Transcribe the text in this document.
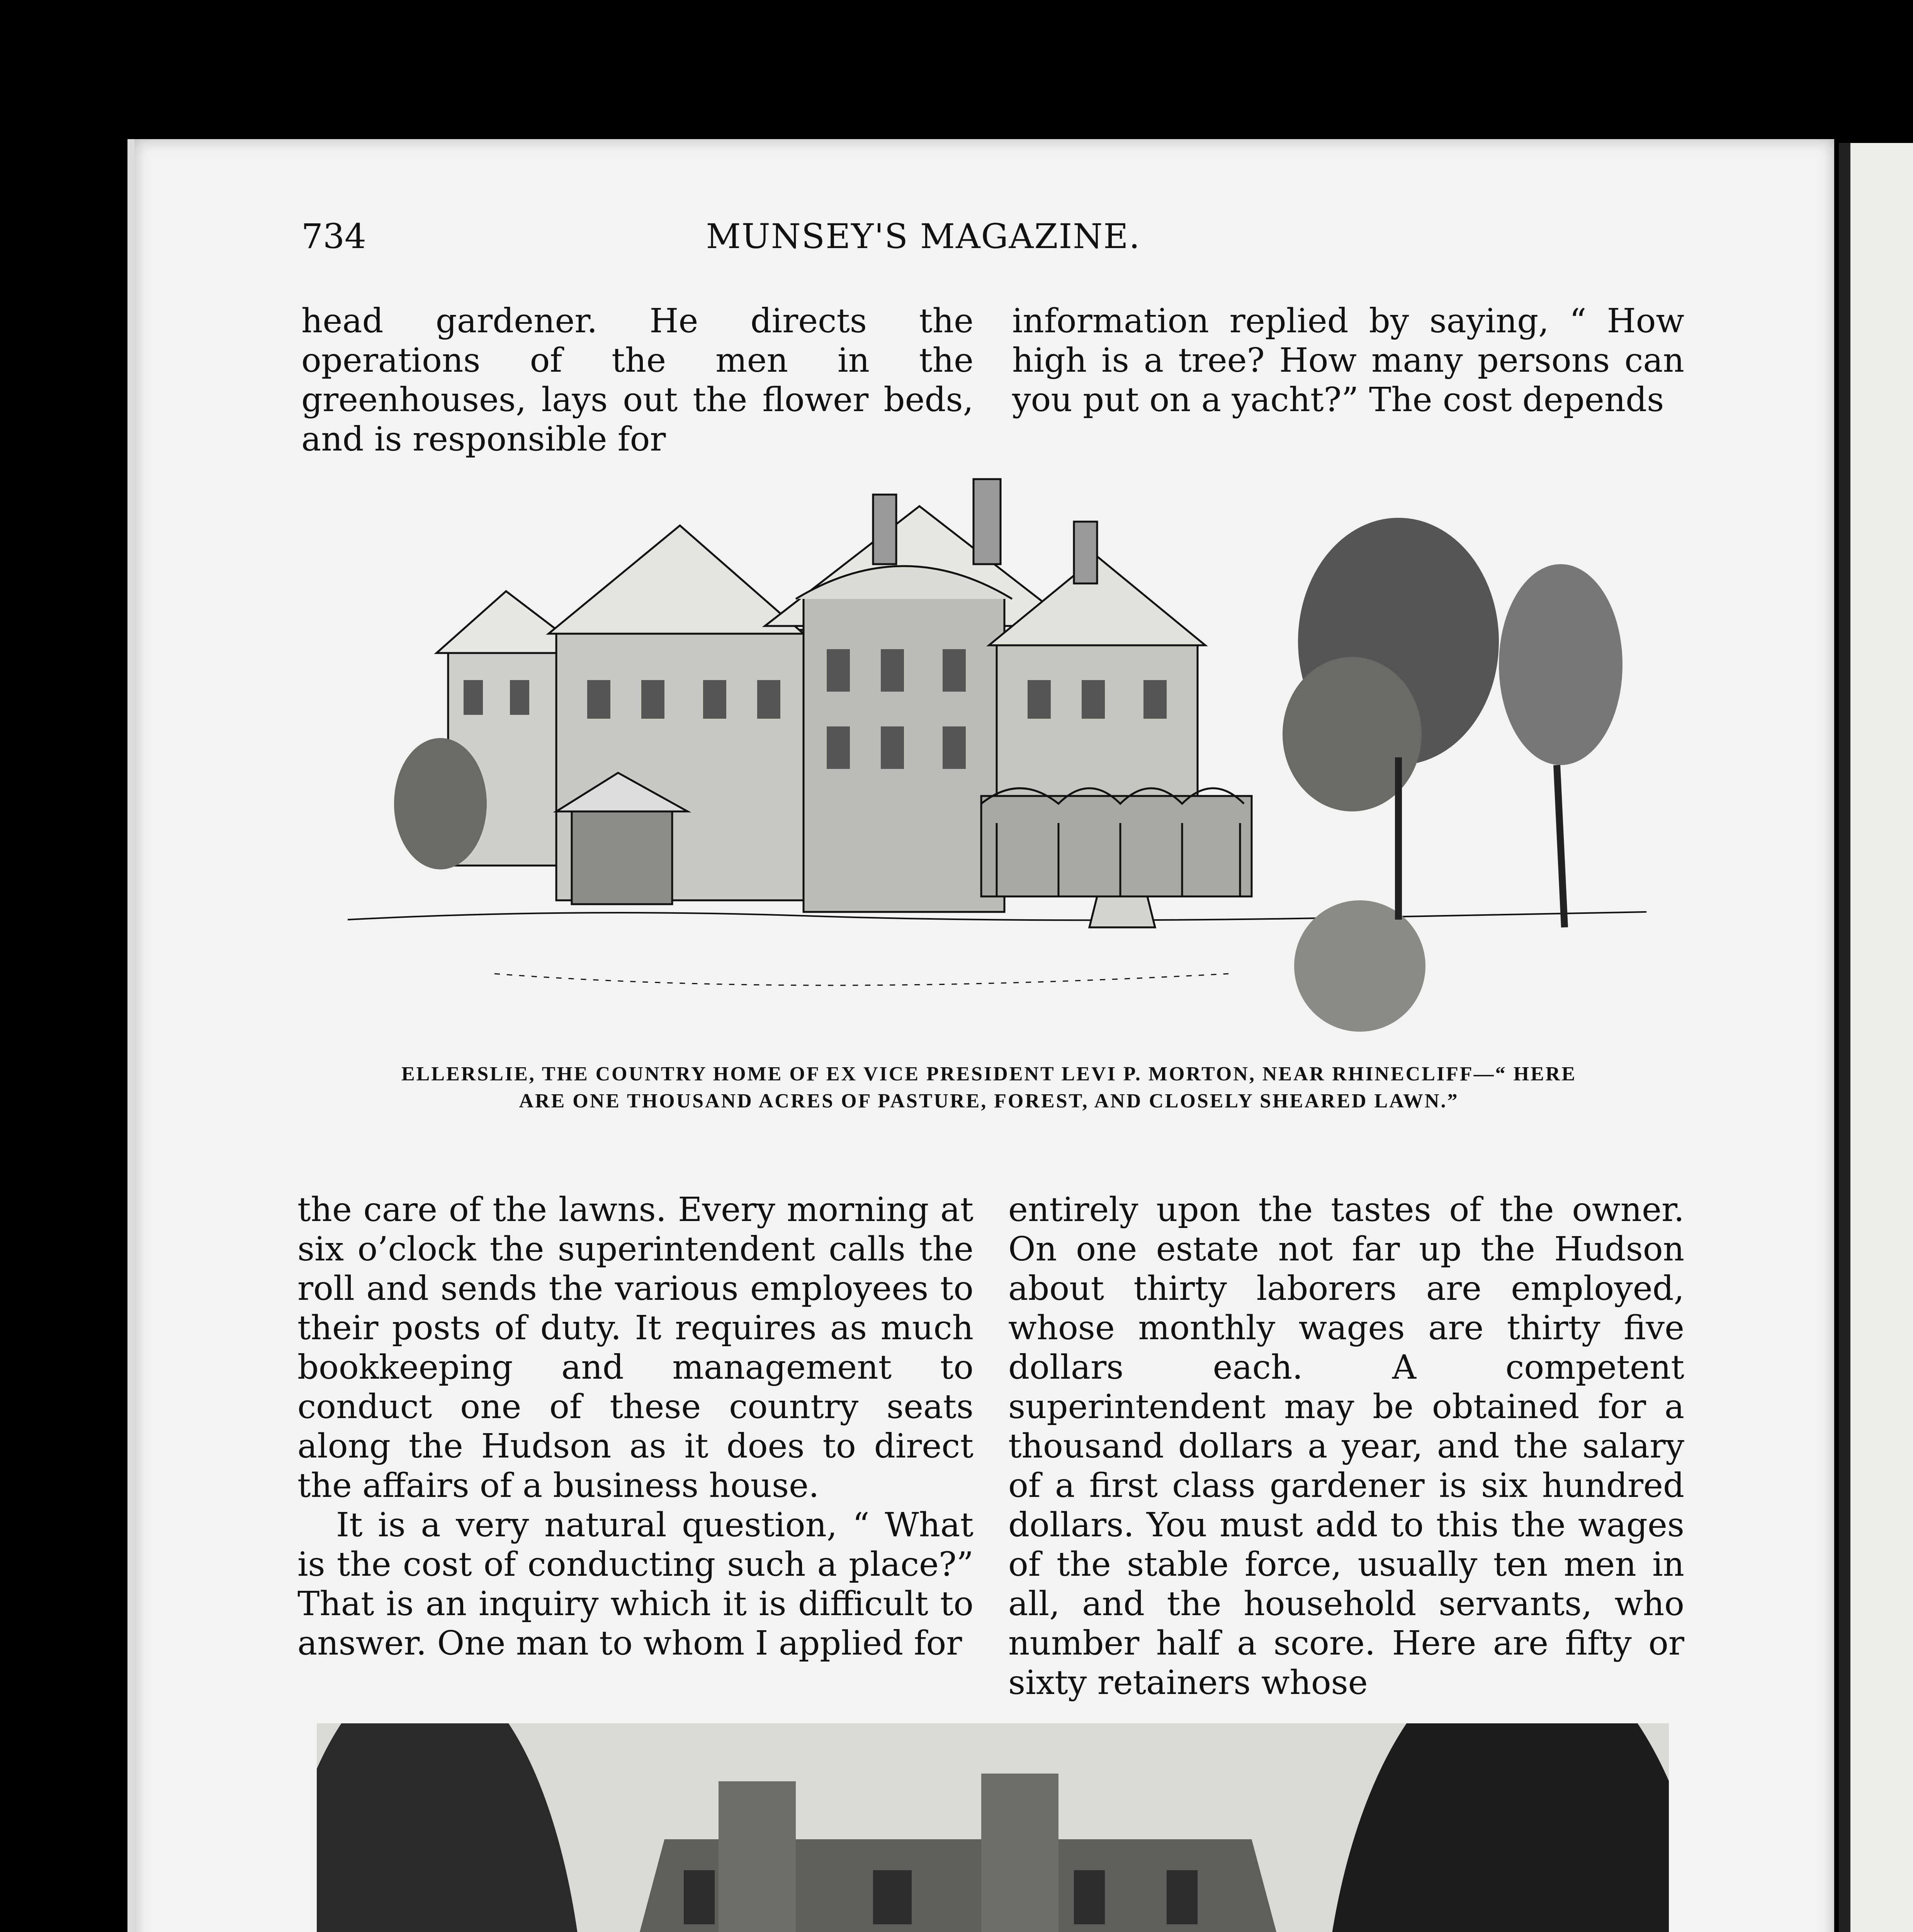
734	MUNSEY'S MAGAZINE.

head gardener. He directs the operations of the men in the greenhouses, lays out the flower beds, and is responsible for

information replied by saying, “ How high is a tree? How many persons can you put on a yacht?” The cost depends

ELLERSLIE, THE COUNTRY HOME OF EX VICE PRESIDENT LEVI P. MORTON, NEAR RHINECLIFF—“ HERE
ARE ONE THOUSAND ACRES OF PASTURE, FOREST, AND CLOSELY SHEARED LAWN.”

the care of the lawns. Every morning at six o’clock the superintendent calls the roll and sends the various employees to their posts of duty. It requires as much bookkeeping and management to conduct one of these country seats along the Hudson as it does to direct the affairs of a business house.

It is a very natural question, “ What is the cost of conducting such a place?” That is an inquiry which it is difficult to answer. One man to whom I applied for

entirely upon the tastes of the owner. On one estate not far up the Hudson about thirty laborers are employed, whose monthly wages are thirty five dollars each. A competent superintendent may be obtained for a thousand dollars a year, and the salary of a first class gardener is six hundred dollars. You must add to this the wages of the stable force, usually ten men in all, and the household servants, who number half a score. Here are fifty or sixty retainers whose
